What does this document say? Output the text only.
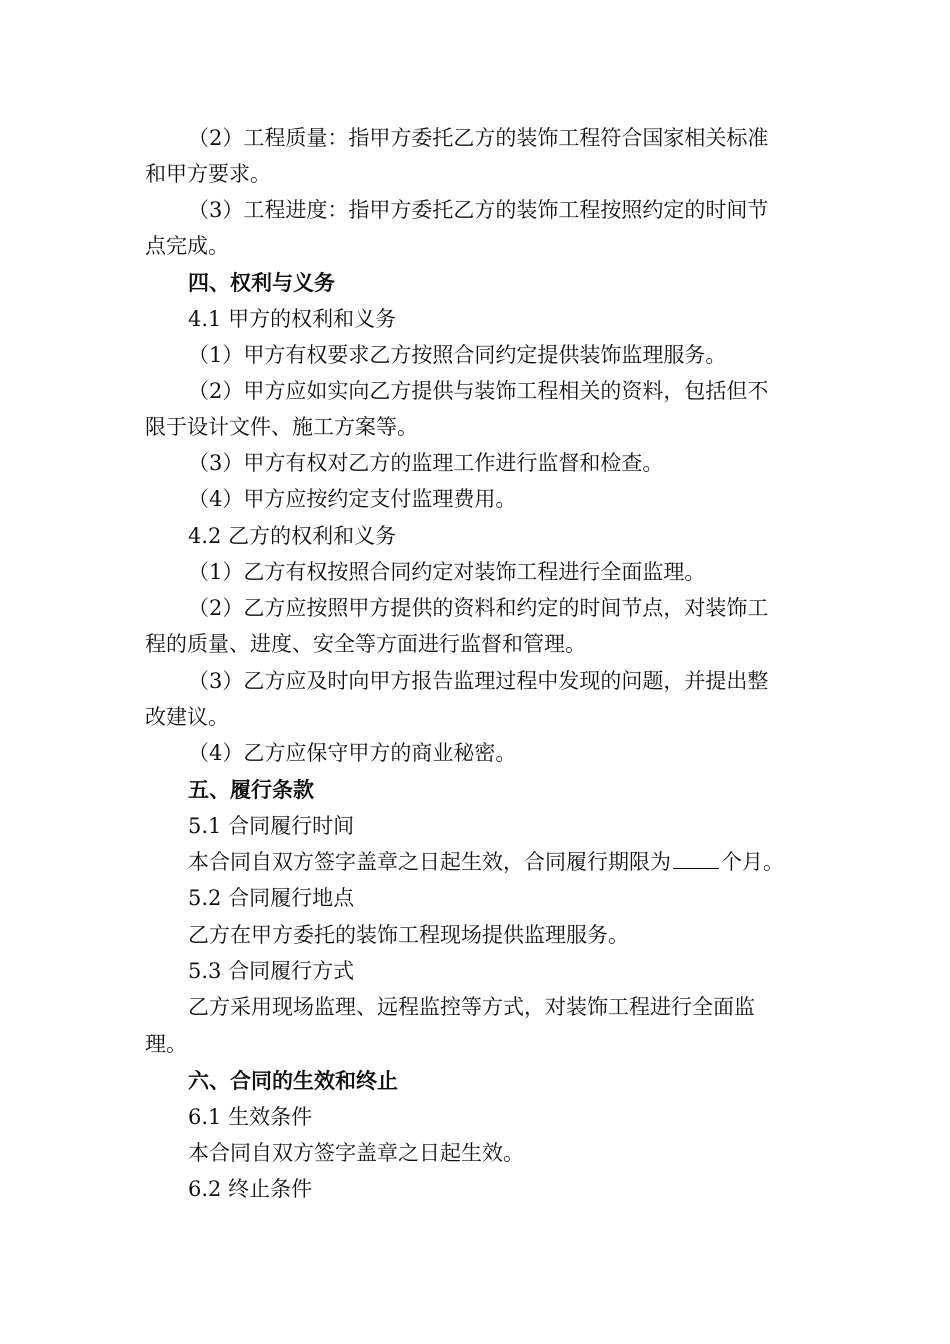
（2）工程质量：指甲方委托乙方的装饰工程符合国家相关标准
和甲方要求。
（3）工程进度：指甲方委托乙方的装饰工程按照约定的时间节
点完成。
四、权利与义务
4.1 甲方的权利和义务
（1）甲方有权要求乙方按照合同约定提供装饰监理服务。
（2）甲方应如实向乙方提供与装饰工程相关的资料，包括但不
限于设计文件、施工方案等。
（3）甲方有权对乙方的监理工作进行监督和检查。
（4）甲方应按约定支付监理费用。
4.2 乙方的权利和义务
（1）乙方有权按照合同约定对装饰工程进行全面监理。
（2）乙方应按照甲方提供的资料和约定的时间节点，对装饰工
程的质量、进度、安全等方面进行监督和管理。
（3）乙方应及时向甲方报告监理过程中发现的问题，并提出整
改建议。
（4）乙方应保守甲方的商业秘密。
五、履行条款
5.1 合同履行时间
本合同自双方签字盖章之日起生效，合同履行期限为 个月。
5.2 合同履行地点
乙方在甲方委托的装饰工程现场提供监理服务。
5.3 合同履行方式
乙方采用现场监理、远程监控等方式，对装饰工程进行全面监
理。
六、合同的生效和终止
6.1 生效条件
本合同自双方签字盖章之日起生效。
6.2 终止条件
